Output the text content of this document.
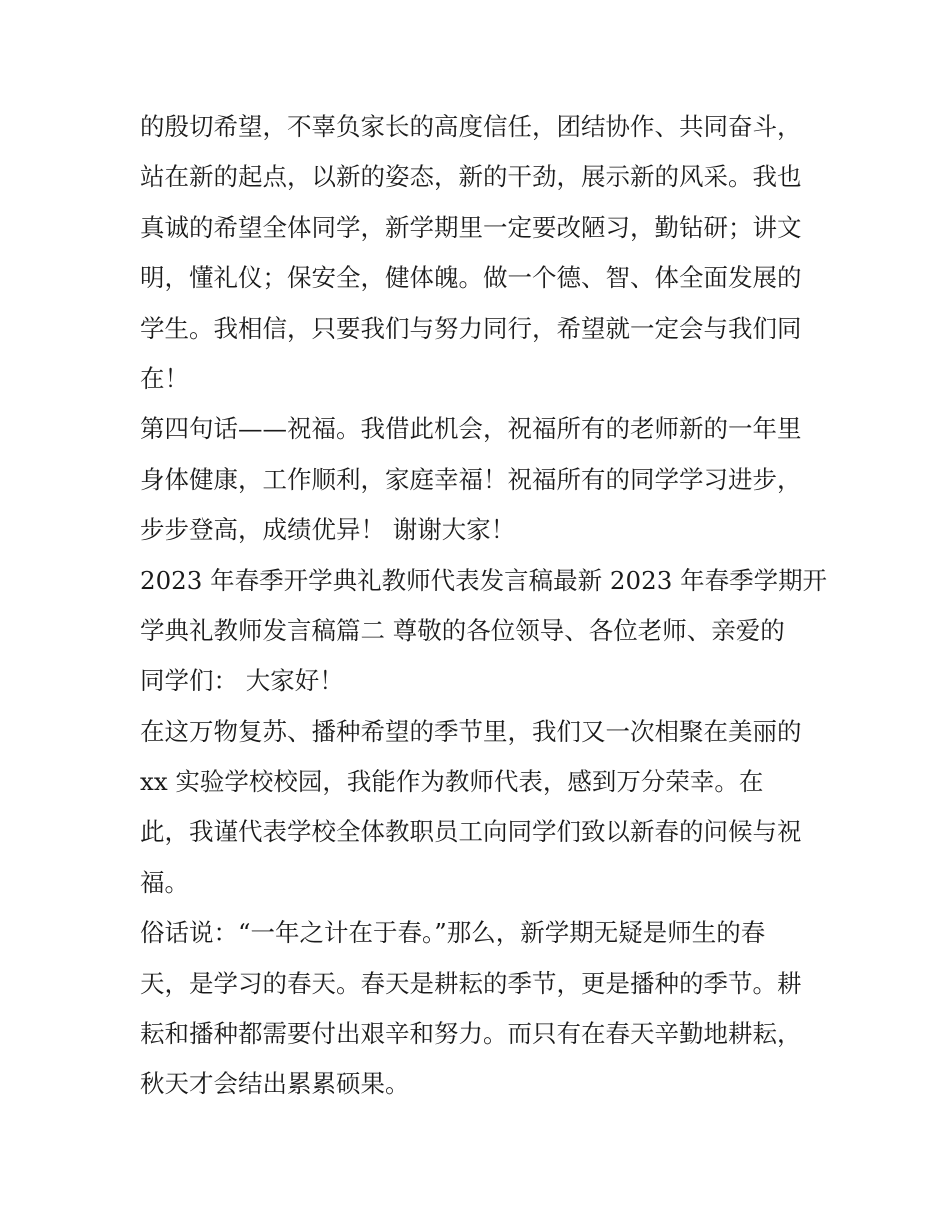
的殷切希望，不辜负家长的高度信任，团结协作、共同奋斗，
站在新的起点，以新的姿态，新的干劲，展示新的风采。我也
真诚的希望全体同学，新学期里一定要改陋习，勤钻研；讲文
明，懂礼仪；保安全，健体魄。做一个德、智、体全面发展的
学生。我相信，只要我们与努力同行，希望就一定会与我们同
在！
第四句话——祝福。我借此机会，祝福所有的老师新的一年里
身体健康，工作顺利，家庭幸福！祝福所有的同学学习进步，
步步登高，成绩优异！ 谢谢大家！
2023 年春季开学典礼教师代表发言稿最新 2023 年春季学期开
学典礼教师发言稿篇二 尊敬的各位领导、各位老师、亲爱的
同学们： 大家好！
在这万物复苏、播种希望的季节里，我们又一次相聚在美丽的
xx 实验学校校园，我能作为教师代表，感到万分荣幸。在
此，我谨代表学校全体教职员工向同学们致以新春的问候与祝
福。
俗话说：“一年之计在于春。”那么，新学期无疑是师生的春
天，是学习的春天。春天是耕耘的季节，更是播种的季节。耕
耘和播种都需要付出艰辛和努力。而只有在春天辛勤地耕耘，
秋天才会结出累累硕果。
